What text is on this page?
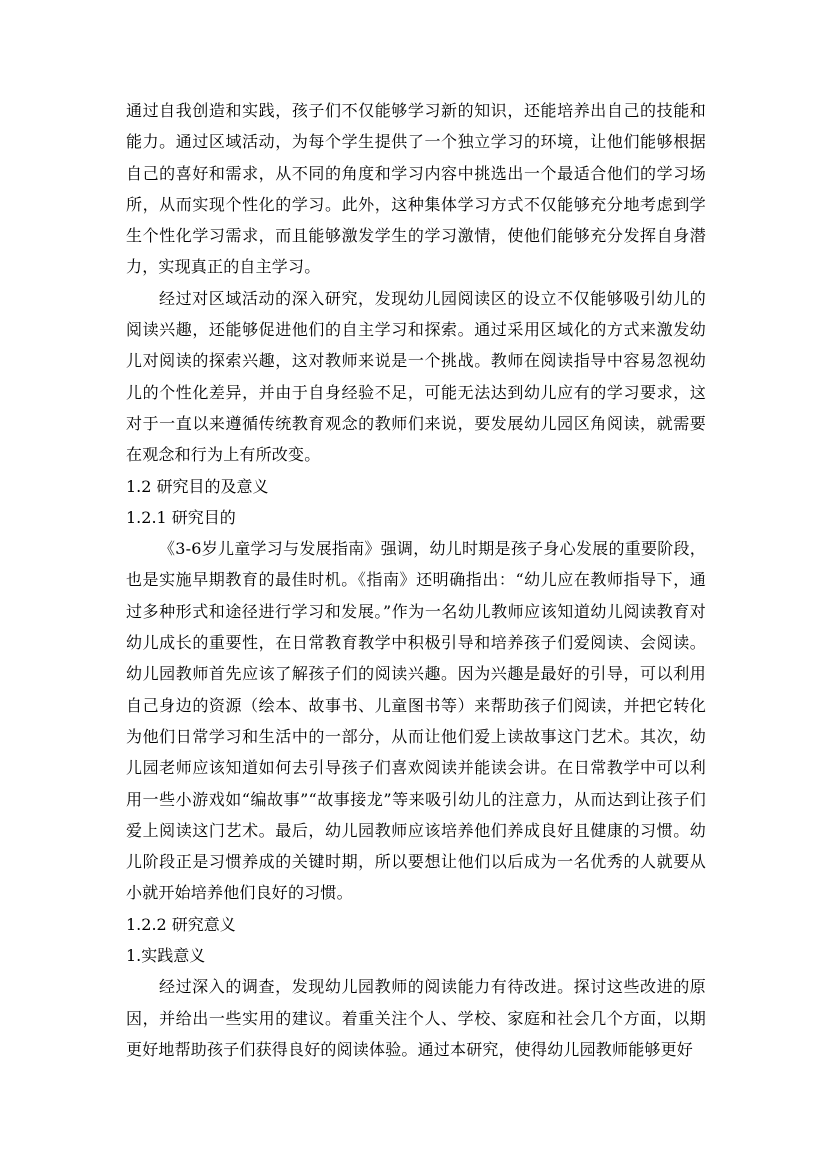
通过自我创造和实践，孩子们不仅能够学习新的知识，还能培养出自己的技能和能力。通过区域活动，为每个学生提供了一个独立学习的环境，让他们能够根据自己的喜好和需求，从不同的角度和学习内容中挑选出一个最适合他们的学习场所，从而实现个性化的学习。此外，这种集体学习方式不仅能够充分地考虑到学生个性化学习需求，而且能够激发学生的学习激情，使他们能够充分发挥自身潜力，实现真正的自主学习。

经过对区域活动的深入研究，发现幼儿园阅读区的设立不仅能够吸引幼儿的阅读兴趣，还能够促进他们的自主学习和探索。通过采用区域化的方式来激发幼儿对阅读的探索兴趣，这对教师来说是一个挑战。教师在阅读指导中容易忽视幼儿的个性化差异，并由于自身经验不足，可能无法达到幼儿应有的学习要求，这对于一直以来遵循传统教育观念的教师们来说，要发展幼儿园区角阅读，就需要在观念和行为上有所改变。

1.2 研究目的及意义

1.2.1 研究目的

《3-6岁儿童学习与发展指南》强调，幼儿时期是孩子身心发展的重要阶段，也是实施早期教育的最佳时机。《指南》还明确指出：“幼儿应在教师指导下，通过多种形式和途径进行学习和发展。”作为一名幼儿教师应该知道幼儿阅读教育对幼儿成长的重要性，在日常教育教学中积极引导和培养孩子们爱阅读、会阅读。幼儿园教师首先应该了解孩子们的阅读兴趣。因为兴趣是最好的引导，可以利用自己身边的资源（绘本、故事书、儿童图书等）来帮助孩子们阅读，并把它转化为他们日常学习和生活中的一部分，从而让他们爱上读故事这门艺术。其次，幼儿园老师应该知道如何去引导孩子们喜欢阅读并能读会讲。在日常教学中可以利用一些小游戏如“编故事”“故事接龙”等来吸引幼儿的注意力，从而达到让孩子们爱上阅读这门艺术。最后，幼儿园教师应该培养他们养成良好且健康的习惯。幼儿阶段正是习惯养成的关键时期，所以要想让他们以后成为一名优秀的人就要从小就开始培养他们良好的习惯。

1.2.2 研究意义

1.实践意义

经过深入的调查，发现幼儿园教师的阅读能力有待改进。探讨这些改进的原因，并给出一些实用的建议。着重关注个人、学校、家庭和社会几个方面，以期更好地帮助孩子们获得良好的阅读体验。通过本研究，使得幼儿园教师能够更好
